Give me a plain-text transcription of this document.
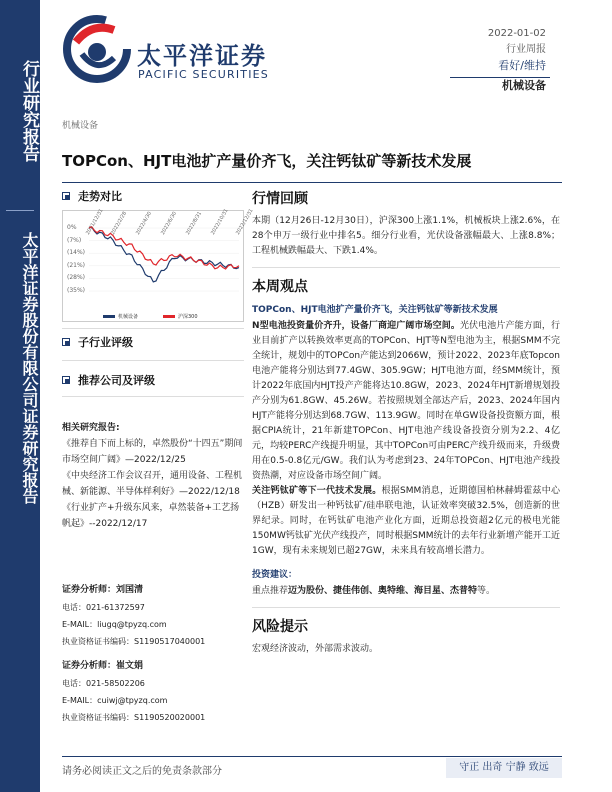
行业研究报告
太平洋证券股份有限公司证券研究报告
太平洋证券
PACIFIC SECURITIES
2022-01-02
行业周报
看好/维持
机械设备
机械设备
TOPCon、HJT电池扩产量价齐飞，关注钙钛矿等新技术发展
走势对比
0%
(7%)
(14%)
(21%)
(28%)
(35%)
2021/12/31 2022/2/28 2022/4/30 2022/6/30 2022/8/31 2022/10/31 2022/12/31
机械设备	沪深300
子行业评级
推荐公司及评级
相关研究报告:
《推荐自下而上标的，卓然股份“十四五”期间市场空间广阔》—2022/12/25
《中央经济工作会议召开，通用设备、工程机械、新能源、半导体样利好》—2022/12/18
《行业扩产+升级东风来，卓然装备+工艺扬帆起》--2022/12/17
证券分析师：刘国清
电话：021-61372597
E-MAIL：liugq@tpyzq.com
执业资格证书编码：S1190517040001
证券分析师：崔文娟
电话：021-58502206
E-MAIL：cuiwj@tpyzq.com
执业资格证书编码：S1190520020001
行情回顾
本期（12月26日-12月30日），沪深300上涨1.1%，机械板块上涨2.6%，在28个申万一级行业中排名5。细分行业看，光伏设备涨幅最大、上涨8.8%；工程机械跌幅最大、下跌1.4%。
本周观点
TOPCon、HJT电池扩产量价齐飞，关注钙钛矿等新技术发展
N型电池投资量价齐升，设备厂商迎广阔市场空间。光伏电池片产能方面，行业目前扩产以转换效率更高的TOPCon、HJT等N型电池为主，根据SMM不完全统计，规划中的TOPCon产能达到2066W，预计2022、2023年底Topcon电池产能将分别达到77.4GW、305.9GW；HJT电池方面，经SMM统计，预计2022年底国内HJT投产产能将达10.8GW，2023、2024年HJT新增规划投产分别为61.8GW、45.26W。若按照规划全部达产后，2023、2024年国内HJT产能将分别达到68.7GW、113.9GW。同时在单GW设备投资额方面，根据CPIA统计，21年新建TOPCon、HJT电池产线设备投资分别为2.2、4亿元，均较PERC产线提升明显，其中TOPCon可由PERC产线升级而来，升级费用在0.5-0.8亿元/GW。我们认为考虑到23、24年TOPCon、HJT电池产线投资热潮，对应设备市场空间广阔。
关注钙钛矿等下一代技术发展。根据SMM消息，近期德国柏林赫姆霍兹中心（HZB）研发出一种钙钛矿/硅串联电池，认证效率突破32.5%，创造新的世界纪录。同时，在钙钛矿电池产业化方面，近期总投资超2亿元的极电光能150MW钙钛矿光伏产线投产，同时根据SMM统计的去年行业新增产能开工近1GW，现有未来规划已超27GW，未来具有较高增长潜力。
投资建议：
重点推荐迈为股份、捷佳伟创、奥特维、海目星、杰普特等。
风险提示
宏观经济波动，外部需求波动。
请务必阅读正文之后的免责条款部分	守正 出奇 宁静 致远
